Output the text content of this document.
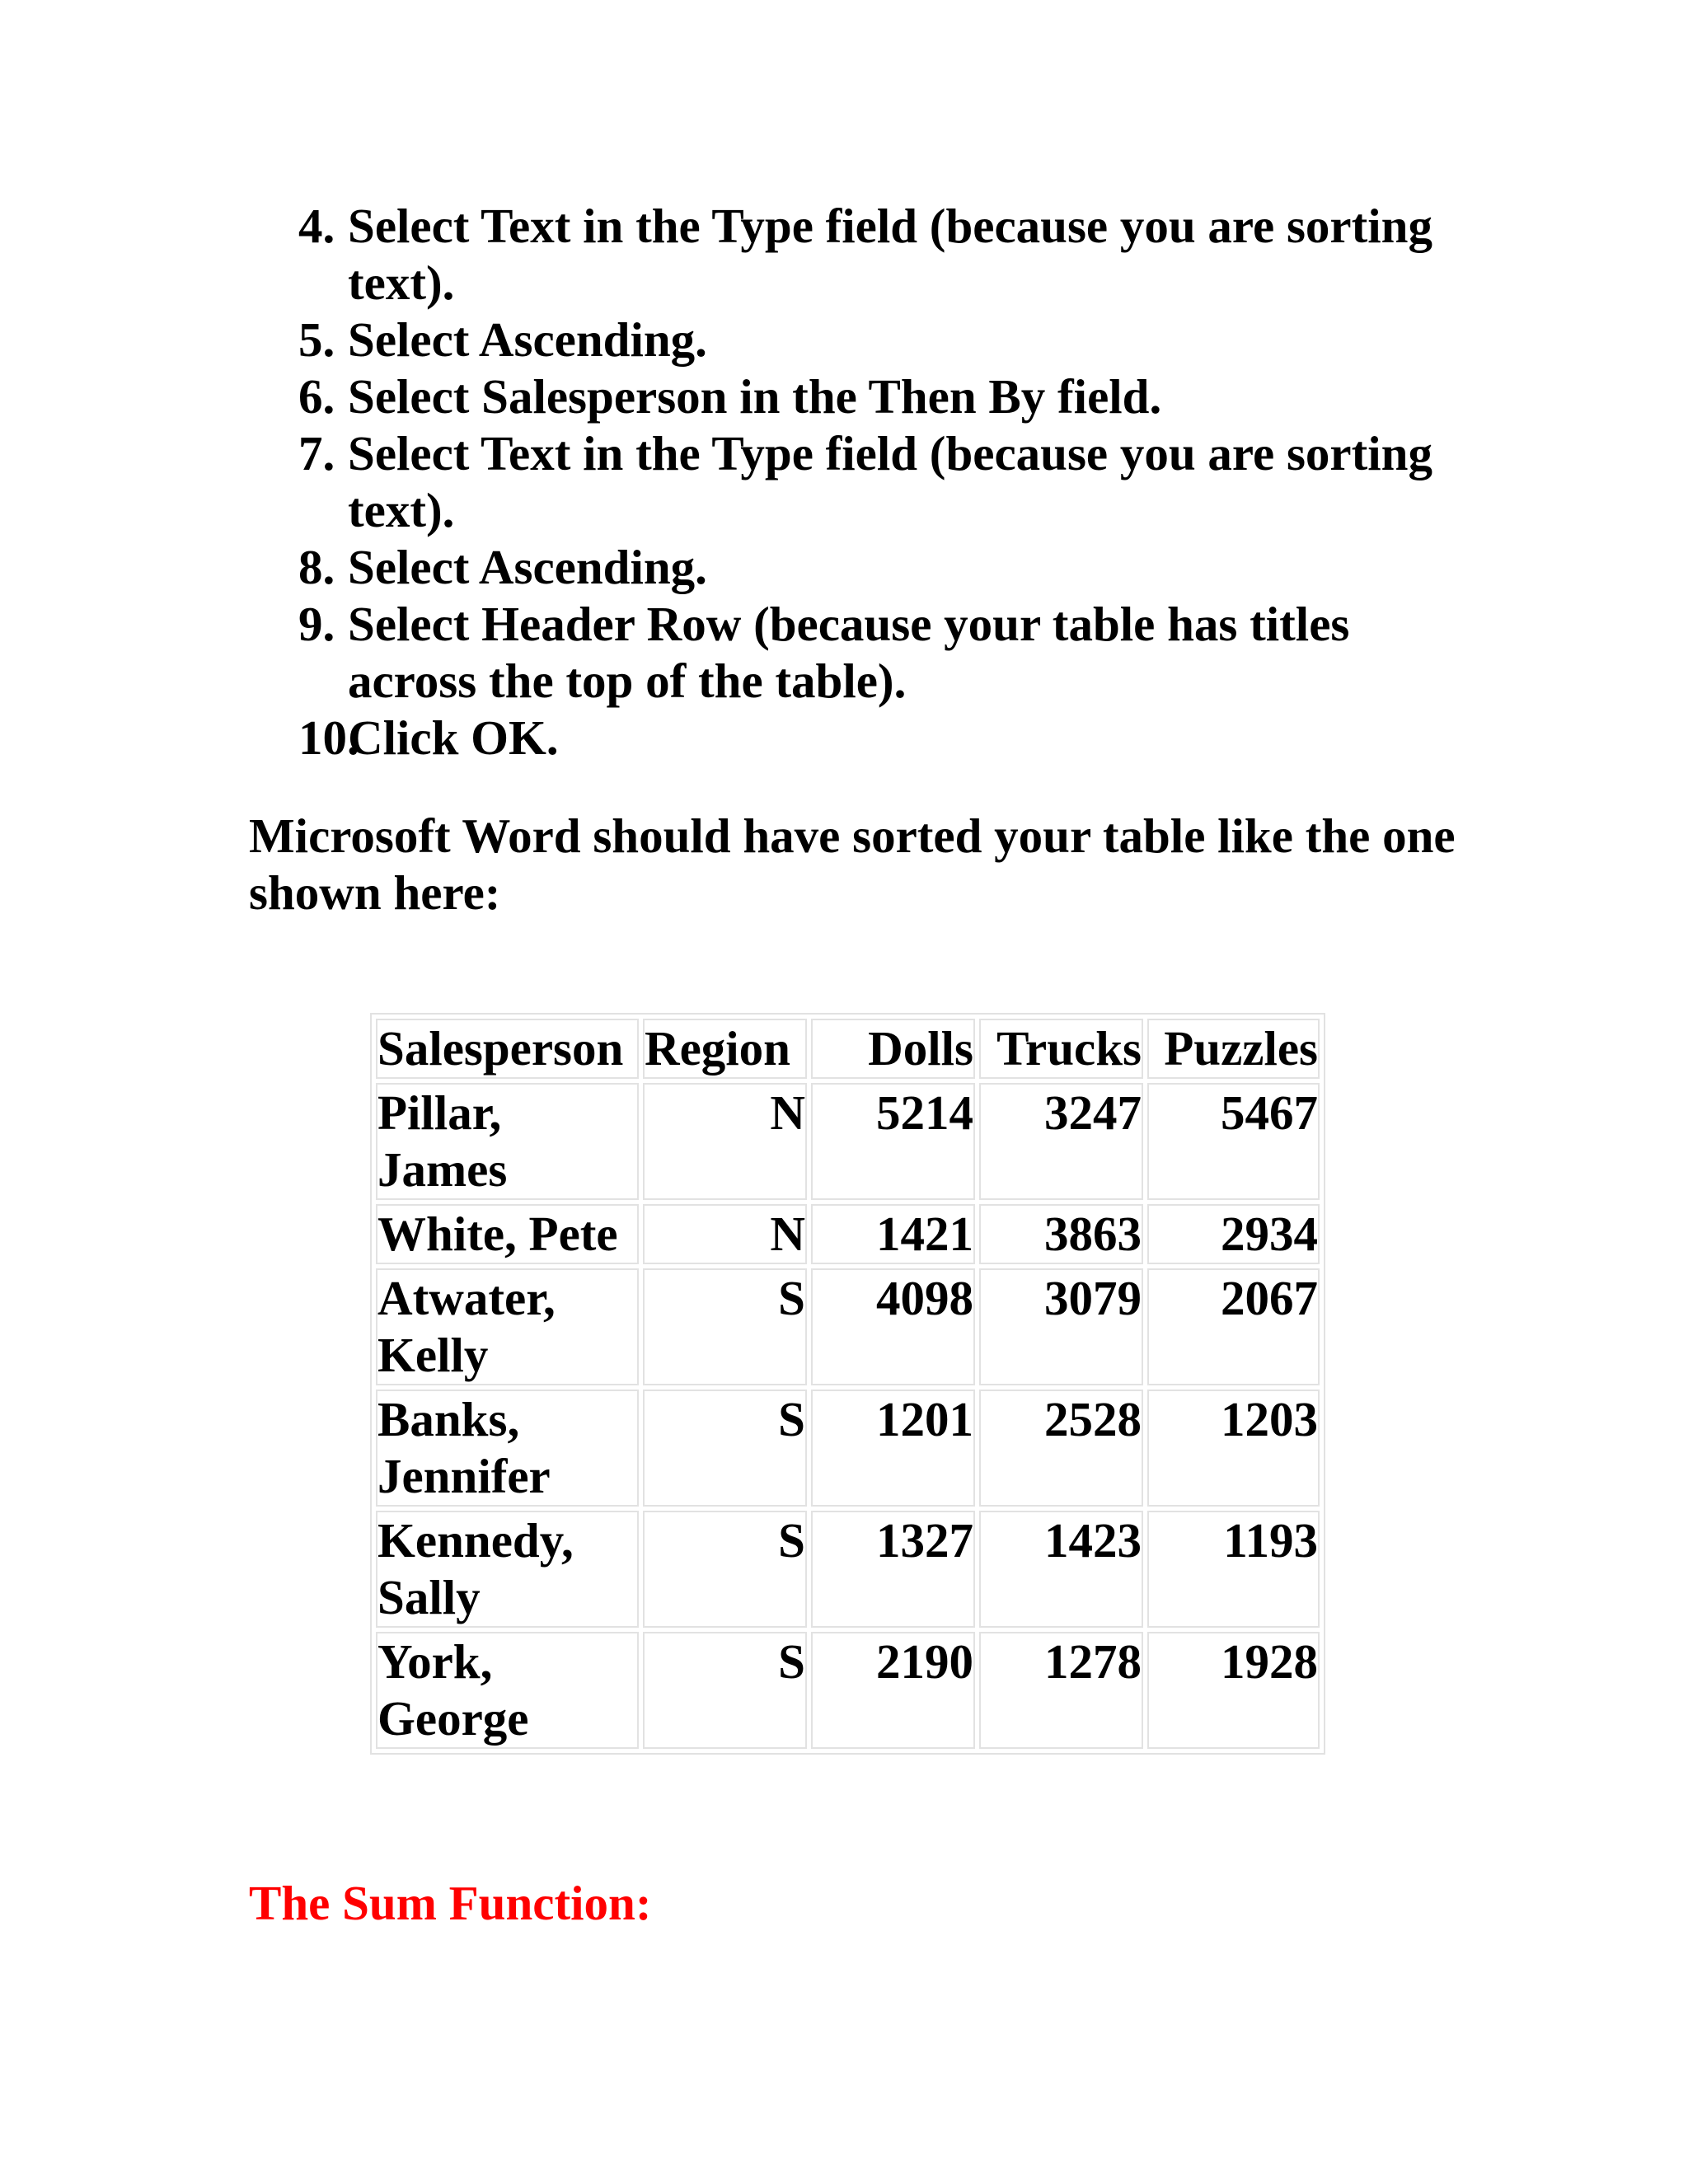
4. Select Text in the Type field (because you are sorting text).
5. Select Ascending.
6. Select Salesperson in the Then By field.
7. Select Text in the Type field (because you are sorting text).
8. Select Ascending.
9. Select Header Row (because your table has titles across the top of the table).
10.
Click OK.

Microsoft Word should have sorted your table like the one shown here:

Salesperson	Region	Dolls	Trucks	Puzzles
Pillar, James	N	5214	3247	5467
White, Pete	N	1421	3863	2934
Atwater, Kelly	S	4098	3079	2067
Banks, Jennifer	S	1201	2528	1203
Kennedy, Sally	S	1327	1423	1193
York, George	S	2190	1278	1928
The Sum Function:
